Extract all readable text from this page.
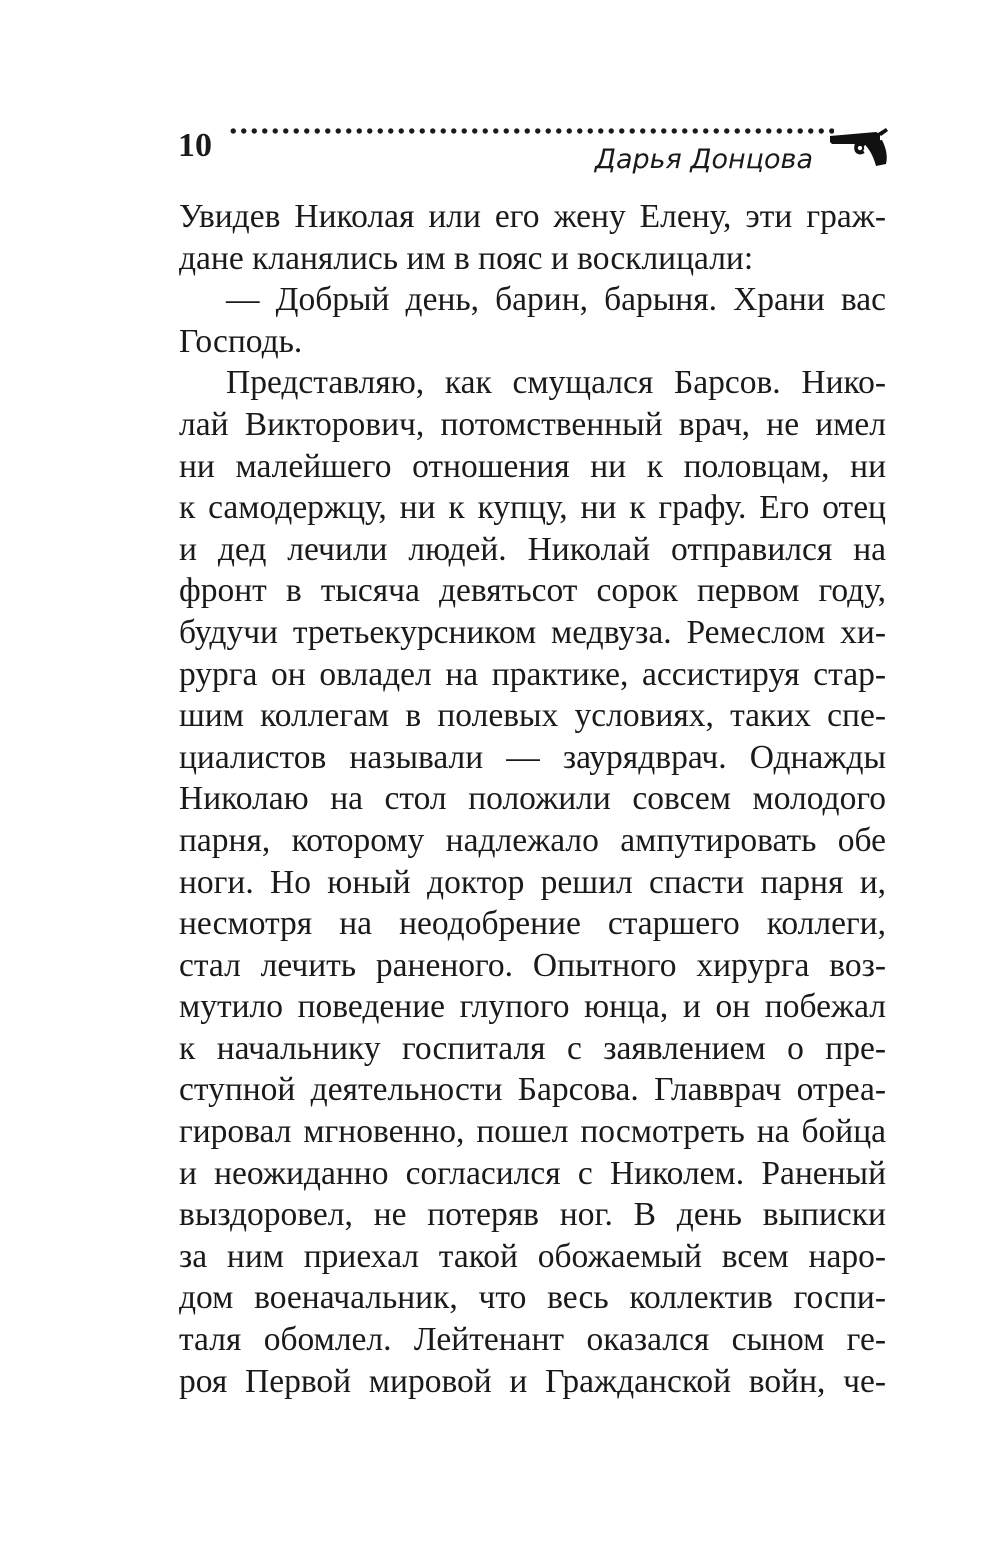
10	Дарья Донцова
Увидев Николая или его жену Елену, эти граж-
дане кланялись им в пояс и восклицали:
— Добрый день, барин, барыня. Храни вас
Господь.
Представляю, как смущался Барсов. Нико-
лай Викторович, потомственный врач, не имел
ни малейшего отношения ни к половцам, ни
к самодержцу, ни к купцу, ни к графу. Его отец
и дед лечили людей. Николай отправился на
фронт в тысяча девятьсот сорок первом году,
будучи третьекурсником медвуза. Ремеслом хи-
рурга он овладел на практике, ассистируя стар-
шим коллегам в полевых условиях, таких спе-
циалистов называли — заурядврач. Однажды
Николаю на стол положили совсем молодого
парня, которому надлежало ампутировать обе
ноги. Но юный доктор решил спасти парня и,
несмотря на неодобрение старшего коллеги,
стал лечить раненого. Опытного хирурга воз-
мутило поведение глупого юнца, и он побежал
к начальнику госпиталя с заявлением о пре-
ступной деятельности Барсова. Главврач отреа-
гировал мгновенно, пошел посмотреть на бойца
и неожиданно согласился с Николем. Раненый
выздоровел, не потеряв ног. В день выписки
за ним приехал такой обожаемый всем наро-
дом военачальник, что весь коллектив госпи-
таля обомлел. Лейтенант оказался сыном ге-
роя Первой мировой и Гражданской войн, че-
